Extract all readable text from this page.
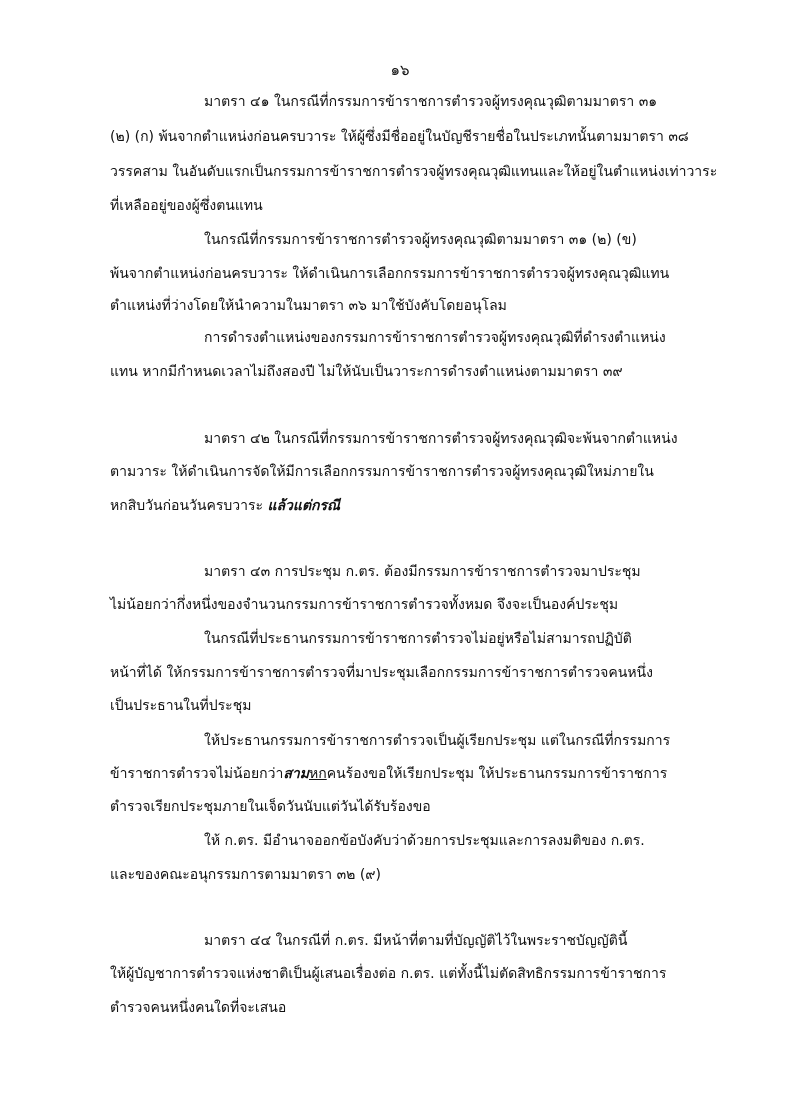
๑๖
มาตรา ๔๑ ในกรณีที่กรรมการข้าราชการตำรวจผู้ทรงคุณวุฒิตามมาตรา ๓๑
(๒) (ก) พ้นจากตำแหน่งก่อนครบวาระ ให้ผู้ซึ่งมีชื่ออยู่ในบัญชีรายชื่อในประเภทนั้นตามมาตรา ๓๘
วรรคสาม ในอันดับแรกเป็นกรรมการข้าราชการตำรวจผู้ทรงคุณวุฒิแทนและให้อยู่ในตำแหน่งเท่าวาระ
ที่เหลืออยู่ของผู้ซึ่งตนแทน
ในกรณีที่กรรมการข้าราชการตำรวจผู้ทรงคุณวุฒิตามมาตรา ๓๑ (๒) (ข)
พ้นจากตำแหน่งก่อนครบวาระ ให้ดำเนินการเลือกกรรมการข้าราชการตำรวจผู้ทรงคุณวุฒิแทน
ตำแหน่งที่ว่างโดยให้นำความในมาตรา ๓๖ มาใช้บังคับโดยอนุโลม
การดำรงตำแหน่งของกรรมการข้าราชการตำรวจผู้ทรงคุณวุฒิที่ดำรงตำแหน่ง
แทน หากมีกำหนดเวลาไม่ถึงสองปี ไม่ให้นับเป็นวาระการดำรงตำแหน่งตามมาตรา ๓๙
มาตรา ๔๒ ในกรณีที่กรรมการข้าราชการตำรวจผู้ทรงคุณวุฒิจะพ้นจากตำแหน่ง
ตามวาระ ให้ดำเนินการจัดให้มีการเลือกกรรมการข้าราชการตำรวจผู้ทรงคุณวุฒิใหม่ภายใน
หกสิบวันก่อนวันครบวาระ แล้วแต่กรณี
มาตรา ๔๓ การประชุม ก.ตร. ต้องมีกรรมการข้าราชการตำรวจมาประชุม
ไม่น้อยกว่ากึ่งหนึ่งของจำนวนกรรมการข้าราชการตำรวจทั้งหมด จึงจะเป็นองค์ประชุม
ในกรณีที่ประธานกรรมการข้าราชการตำรวจไม่อยู่หรือไม่สามารถปฏิบัติ
หน้าที่ได้ ให้กรรมการข้าราชการตำรวจที่มาประชุมเลือกกรรมการข้าราชการตำรวจคนหนึ่ง
เป็นประธานในที่ประชุม
ให้ประธานกรรมการข้าราชการตำรวจเป็นผู้เรียกประชุม แต่ในกรณีที่กรรมการ
ข้าราชการตำรวจไม่น้อยกว่าสามหกคนร้องขอให้เรียกประชุม ให้ประธานกรรมการข้าราชการ
ตำรวจเรียกประชุมภายในเจ็ดวันนับแต่วันได้รับร้องขอ
ให้ ก.ตร. มีอำนาจออกข้อบังคับว่าด้วยการประชุมและการลงมติของ ก.ตร.
และของคณะอนุกรรมการตามมาตรา ๓๒ (๙)
มาตรา ๔๔ ในกรณีที่ ก.ตร. มีหน้าที่ตามที่บัญญัติไว้ในพระราชบัญญัตินี้
ให้ผู้บัญชาการตำรวจแห่งชาติเป็นผู้เสนอเรื่องต่อ ก.ตร. แต่ทั้งนี้ไม่ตัดสิทธิกรรมการข้าราชการ
ตำรวจคนหนึ่งคนใดที่จะเสนอ
